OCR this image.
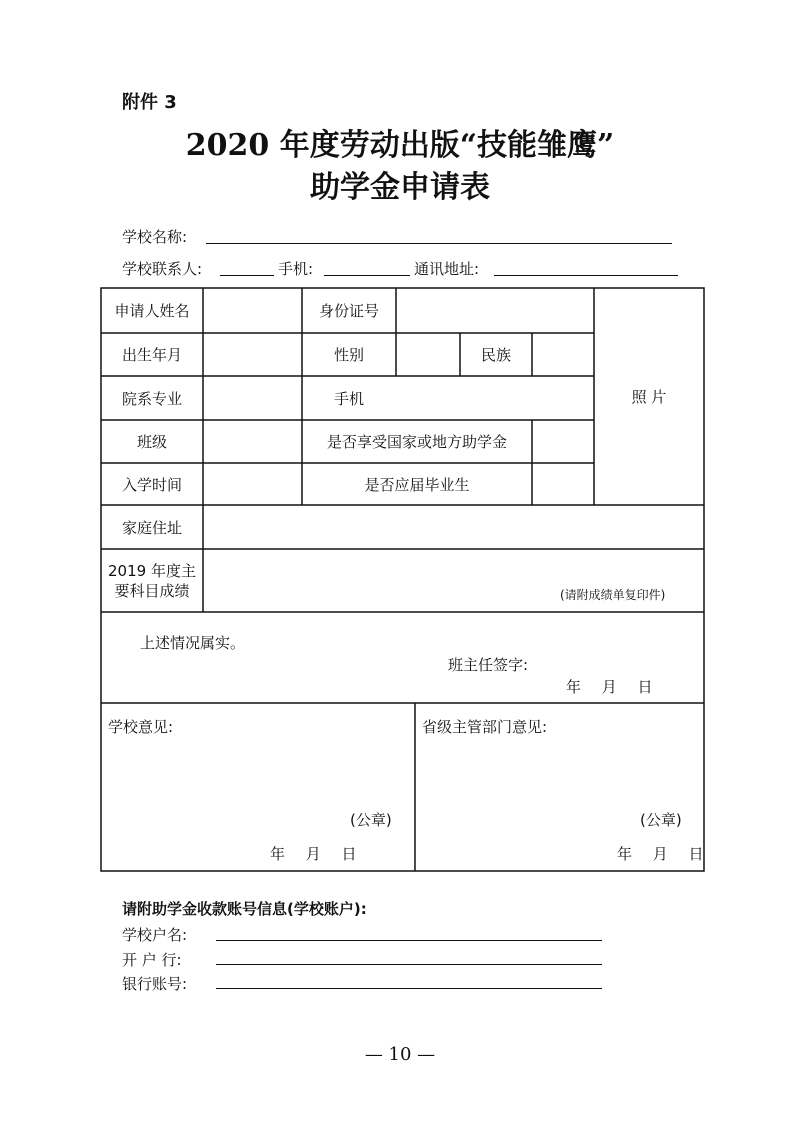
附件 3
2020 年度劳动出版“技能雏鹰”
助学金申请表
学校名称:
学校联系人:	手机:	通讯地址:
申请人姓名	身份证号
照 片
出生年月	性别	民族
院系专业	手机
班级	是否享受国家或地方助学金
入学时间	是否应届毕业生
家庭住址
2019 年度主
要科目成绩	(请附成绩单复印件)
上述情况属实。
班主任签字:
年 月 日
学校意见:
(公章)
年 月 日
省级主管部门意见:
(公章)
年 月 日
请附助学金收款账号信息(学校账户):
学校户名:
开 户 行:
银行账号:
— 10 —
